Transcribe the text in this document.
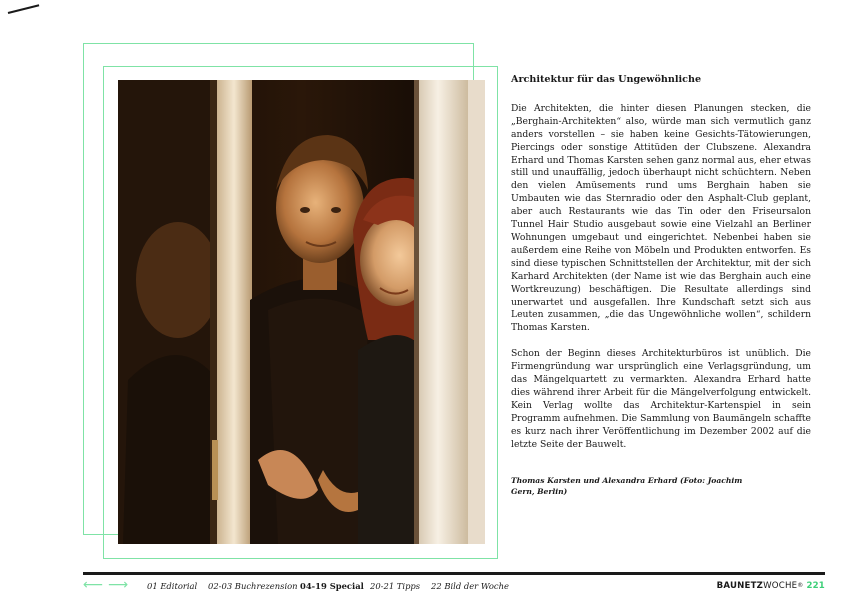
Architektur für das Ungewöhnliche

Die Architekten, die hinter diesen Planungen stecken, die „Berghain-Architekten“ also, würde man sich vermutlich ganz anders vorstellen – sie haben keine Gesichts-Tätowierungen, Piercings oder sonstige Attitüden der Clubszene. Alexandra Erhard und Thomas Karsten sehen ganz normal aus, eher etwas still und unauffällig, jedoch überhaupt nicht schüchtern. Neben den vielen Amüsements rund ums Berghain haben sie Umbauten wie das Sternradio oder den Asphalt-Club geplant, aber auch Restaurants wie das Tin oder den Friseursalon Tunnel Hair Studio ausgebaut sowie eine Vielzahl an Berliner Wohnungen umgebaut und eingerichtet. Nebenbei haben sie außerdem eine Reihe von Möbeln und Produkten entworfen. Es sind diese typischen Schnittstellen der Architektur, mit der sich Karhard Architekten (der Name ist wie das Berghain auch eine Wortkreuzung) beschäftigen. Die Resultate allerdings sind unerwartet und ausgefallen. Ihre Kundschaft setzt sich aus Leuten zusammen, „die das Ungewöhnliche wollen“, schildern Thomas Karsten.

Schon der Beginn dieses Architekturbüros ist unüblich. Die Firmengründung war ursprünglich eine Verlagsgründung, um das Mängelquartett zu vermarkten. Alexandra Erhard hatte dies während ihrer Arbeit für die Mängelverfolgung entwickelt. Kein Verlag wollte das Architektur-Kartenspiel in sein Programm aufnehmen. Die Sammlung von Baumängeln schaffte es kurz nach ihrer Veröffentlichung im Dezember 2002 auf die letzte Seite der Bauwelt.

Thomas Karsten und Alexandra Erhard (Foto: Joachim Gern, Berlin)
⟵ ⟶ 01 Editorial 02-03 Buchrezension 04-19 Special 20-21 Tipps 22 Bild der Woche	BAUNETZWOCHE® 221
